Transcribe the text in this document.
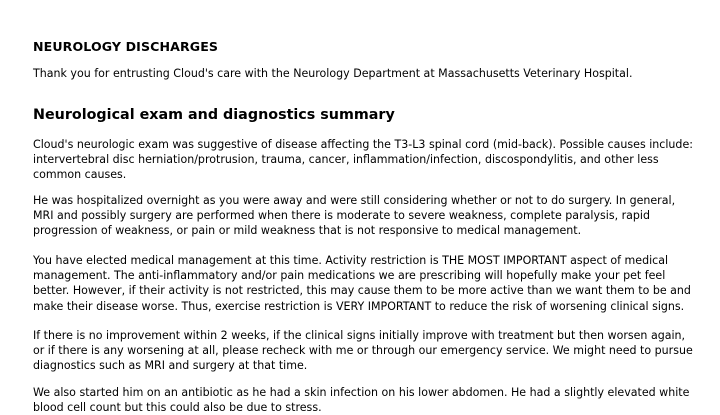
NEUROLOGY DISCHARGES

Thank you for entrusting Cloud's care with the Neurology Department at Massachusetts Veterinary Hospital.

Neurological exam and diagnostics summary

Cloud's neurologic exam was suggestive of disease affecting the T3-L3 spinal cord (mid-back). Possible causes include: intervertebral disc herniation/protrusion, trauma, cancer, inflammation/infection, discospondylitis, and other less common causes.

He was hospitalized overnight as you were away and were still considering whether or not to do surgery. In general, MRI and possibly surgery are performed when there is moderate to severe weakness, complete paralysis, rapid progression of weakness, or pain or mild weakness that is not responsive to medical management.

You have elected medical management at this time. Activity restriction is THE MOST IMPORTANT aspect of medical management. The anti-inflammatory and/or pain medications we are prescribing will hopefully make your pet feel better. However, if their activity is not restricted, this may cause them to be more active than we want them to be and make their disease worse. Thus, exercise restriction is VERY IMPORTANT to reduce the risk of worsening clinical signs.

If there is no improvement within 2 weeks, if the clinical signs initially improve with treatment but then worsen again, or if there is any worsening at all, please recheck with me or through our emergency service. We might need to pursue diagnostics such as MRI and surgery at that time.

We also started him on an antibiotic as he had a skin infection on his lower abdomen. He had a slightly elevated white blood cell count but this could also be due to stress.
